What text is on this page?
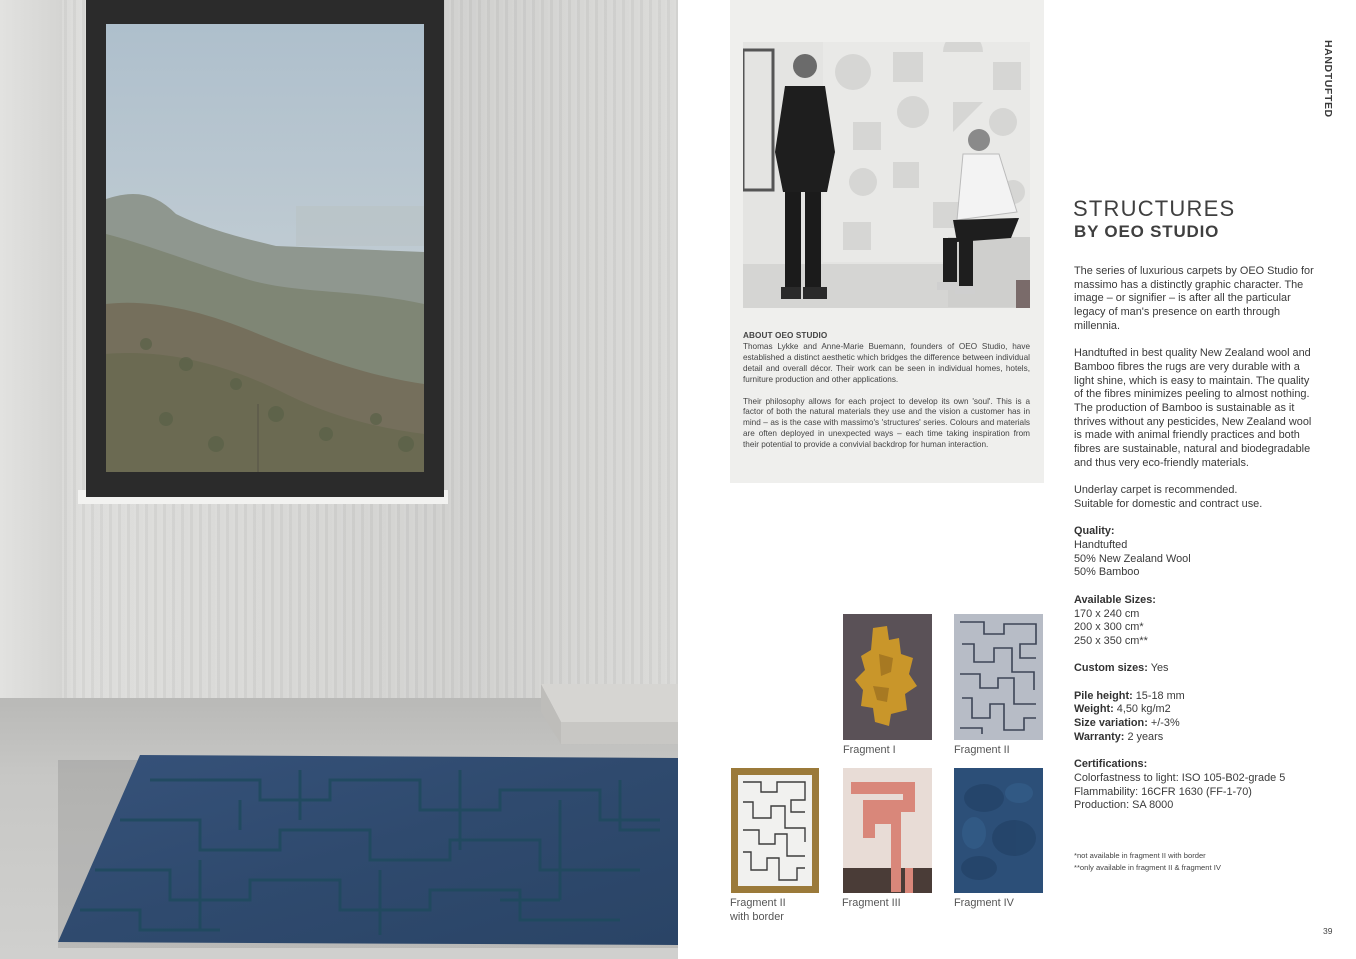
ABOUT OEO STUDIO

Thomas Lykke and Anne-Marie Buemann, founders of OEO Studio, have established a distinct aesthetic which bridges the difference between individual detail and overall décor. Their work can be seen in individual homes, hotels, furniture production and other applications.

Their philosophy allows for each project to develop its own 'soul'. This is a factor of both the natural materials they use and the vision a customer has in mind – as is the case with massimo's 'structures' series. Colours and materials are often deployed in unexpected ways – each time taking inspiration from their potential to provide a convivial backdrop for human interaction.

HANDTUFTED
STRUCTURES
BY OEO STUDIO

The series of luxurious carpets by OEO Studio for massimo has a distinctly graphic character. The image – or signifier – is after all the particular legacy of man's presence on earth through millennia.

Handtufted in best quality New Zealand wool and Bamboo fibres the rugs are very durable with a light shine, which is easy to maintain. The quality of the fibres minimizes peeling to almost nothing. The production of Bamboo is sustainable as it thrives without any pesticides, New Zealand wool is made with animal friendly practices and both fibres are sustainable, natural and biodegradable and thus very eco-friendly materials.

Underlay carpet is recommended.
Suitable for domestic and contract use.

Quality:
Handtufted
50% New Zealand Wool
50% Bamboo
Available Sizes:
170 x 240 cm
200 x 300 cm*
250 x 350 cm**
Custom sizes: Yes
Pile height: 15-18 mm
Weight: 4,50 kg/m2
Size variation: +/-3%
Warranty: 2 years
Certifications:
Colorfastness to light: ISO 105-B02-grade 5
Flammability: 16CFR 1630 (FF-1-70)
Production: SA 8000
*not available in fragment II with border
**only available in fragment II & fragment IV
Fragment I	Fragment II
Fragment II
with border
Fragment III	Fragment IV
39
